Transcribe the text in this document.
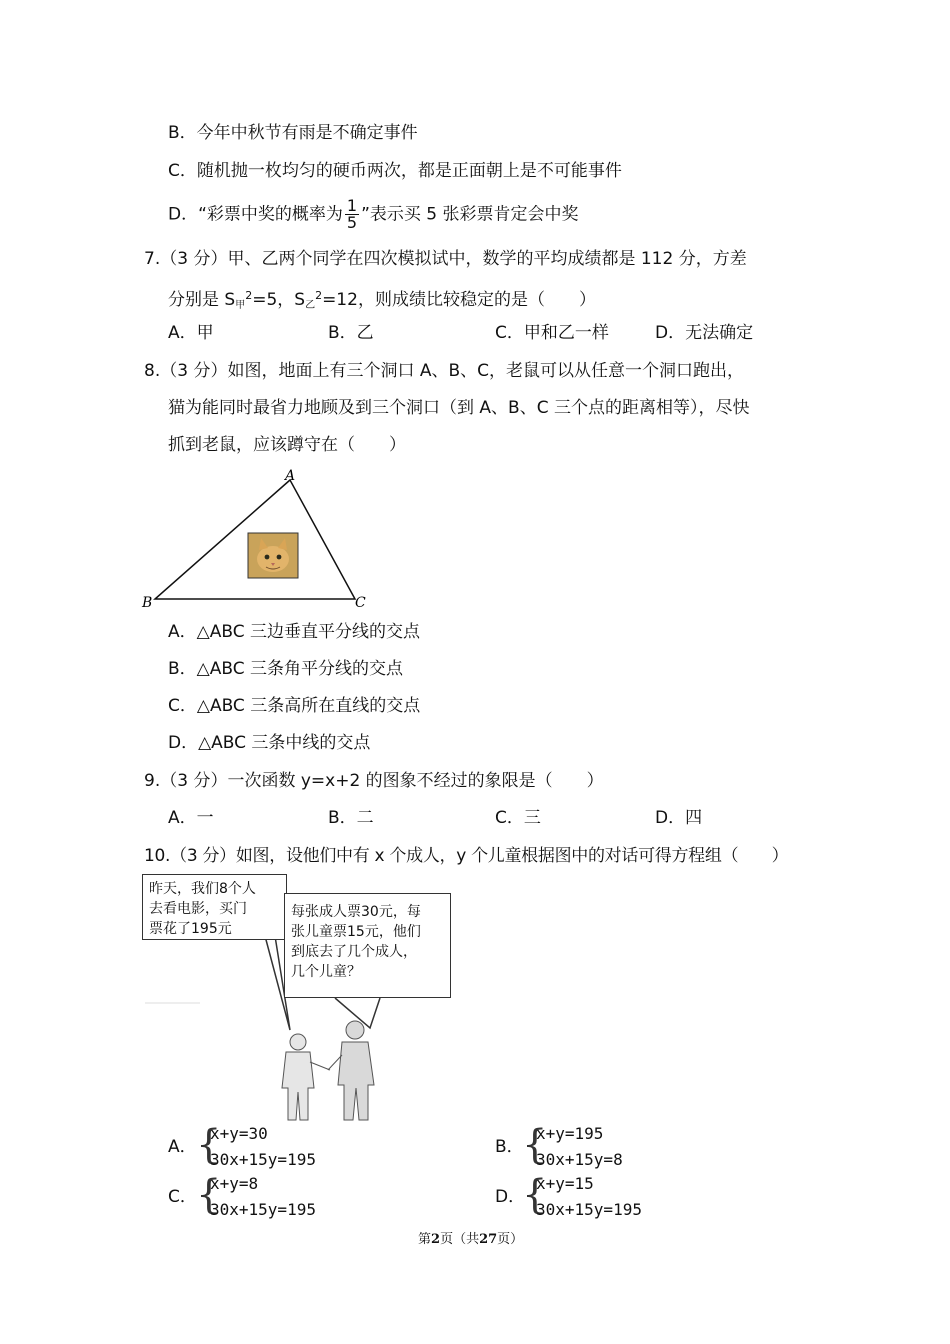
B．今年中秋节有雨是不确定事件
C．随机抛一枚均匀的硬币两次，都是正面朝上是不可能事件
D．“彩票中奖的概率为 $\frac{1}{5}$ ”表示买 5 张彩票肯定会中奖
7.（3 分）甲、乙两个同学在四次模拟试中，数学的平均成绩都是 112 分，方差
分别是 $S_甲^2=5$，$S_乙^2=12$，则成绩比较稳定的是（　　）
A．甲	B．乙	C．甲和乙一样	D．无法确定
8.（3 分）如图，地面上有三个洞口 A、B、C，老鼠可以从任意一个洞口跑出，
猫为能同时最省力地顾及到三个洞口（到 A、B、C 三个点的距离相等），尽快
抓到老鼠，应该蹲守在（　　）
A
B	C
A．△ABC 三边垂直平分线的交点
B．△ABC 三条角平分线的交点
C．△ABC 三条高所在直线的交点
D．△ABC 三条中线的交点
9.（3 分）一次函数 y=x+2 的图象不经过的象限是（　　）
A．一	B．二	C．三	D．四
10.（3 分）如图，设他们中有 x 个成人，y 个儿童根据图中的对话可得方程组（　　）
昨天，我们8个人
去看电影，买门
票花了195元
每张成人票30元，每
张儿童票15元，他们
到底去了几个成人，
几个儿童？
A． {
x+y=30
30x+15y=195
B．
{
x+y=195
30x+15y=8
C． {
x+y=8
30x+15y=195
D．
{
x+y=15
30x+15y=195
第2页（共27页）
